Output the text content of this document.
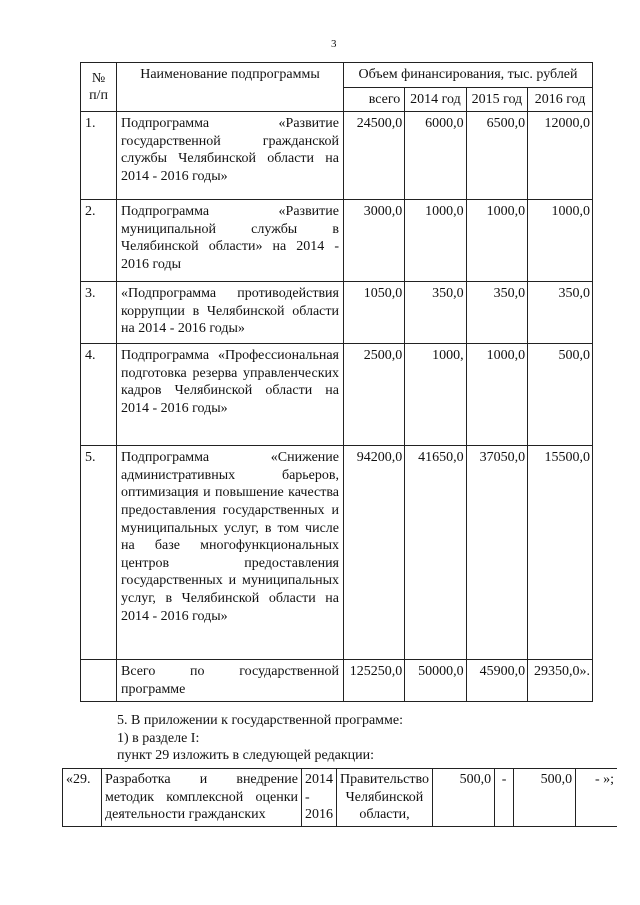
3
№ п/п	Наименование подпрограммы	Объем финансирования, тыс. рублей			
		всего	2014 год	2015 год	2016 год
1.	Подпрограмма «Развитие государственной гражданской службы Челябинской области на 2014 - 2016 годы»	24500,0	6000,0	6500,0	12000,0
2.	Подпрограмма «Развитие муниципальной службы в Челябинской области» на 2014 - 2016 годы	3000,0	1000,0	1000,0	1000,0
3.	«Подпрограмма противодействия коррупции в Челябинской области на 2014 - 2016 годы»	1050,0	350,0	350,0	350,0
4.	Подпрограмма «Профессиональная подготовка резерва управленческих кадров Челябинской области на 2014 - 2016 годы»	2500,0	1000,	1000,0	500,0
5.	Подпрограмма «Снижение административных барьеров, оптимизация и повышение качества предоставления государственных и муниципальных услуг, в том числе на базе многофункциональных центров предоставления государственных и муниципальных услуг, в Челябинской области на 2014 - 2016 годы»	94200,0	41650,0	37050,0	15500,0
	Всего по государственной программе	125250,0	50000,0	45900,0	29350,0».
5. В приложении к государственной программе:
1) в разделе I:
пункт 29 изложить в следующей редакции:
«29.	Разработка и внедрение методик комплексной оценки деятельности гражданских	2014 - 2016	Правительство Челябинской области,	500,0	-	500,0	- »;
